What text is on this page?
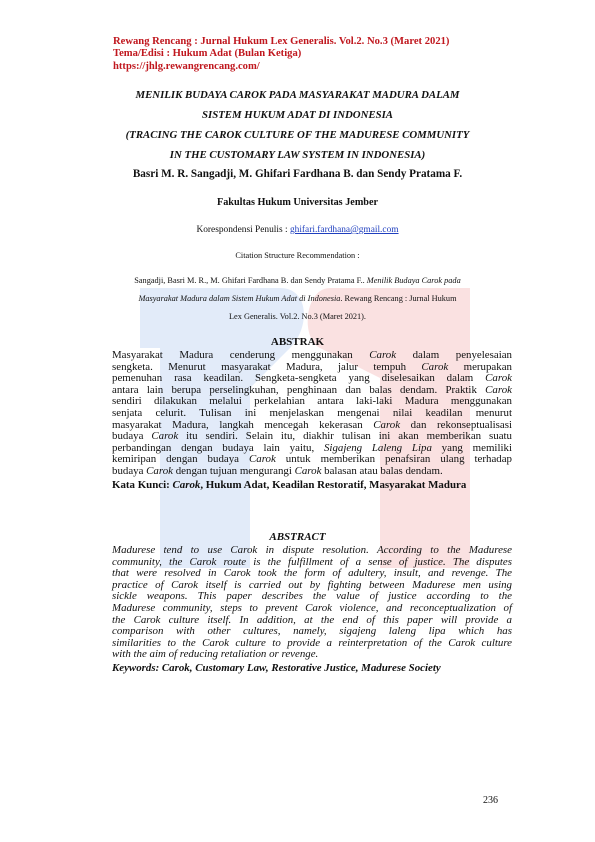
Rewang Rencang : Jurnal Hukum Lex Generalis. Vol.2. No.3 (Maret 2021)
Tema/Edisi : Hukum Adat (Bulan Ketiga)
https://jhlg.rewangrencang.com/
MENILIK BUDAYA CAROK PADA MASYARAKAT MADURA DALAM
SISTEM HUKUM ADAT DI INDONESIA
(TRACING THE CAROK CULTURE OF THE MADURESE COMMUNITY
IN THE CUSTOMARY LAW SYSTEM IN INDONESIA)
Basri M. R. Sangadji, M. Ghifari Fardhana B. dan Sendy Pratama F.
Fakultas Hukum Universitas Jember
Korespondensi Penulis : ghifari.fardhana@gmail.com
Citation Structure Recommendation :
Sangadji, Basri M. R., M. Ghifari Fardhana B. dan Sendy Pratama F.. Menilik Budaya Carok pada
Masyarakat Madura dalam Sistem Hukum Adat di Indonesia. Rewang Rencang : Jurnal Hukum
Lex Generalis. Vol.2. No.3 (Maret 2021).
ABSTRAK
Masyarakat Madura cenderung menggunakan Carok dalam penyelesaian
sengketa. Menurut masyarakat Madura, jalur tempuh Carok merupakan
pemenuhan rasa keadilan. Sengketa-sengketa yang diselesaikan dalam Carok
antara lain berupa perselingkuhan, penghinaan dan balas dendam. Praktik Carok
sendiri dilakukan melalui perkelahian antara laki-laki Madura menggunakan
senjata celurit. Tulisan ini menjelaskan mengenai nilai keadilan menurut
masyarakat Madura, langkah mencegah kekerasan Carok dan rekonseptualisasi
budaya Carok itu sendiri. Selain itu, diakhir tulisan ini akan memberikan suatu
perbandingan dengan budaya lain yaitu, Sigajeng Laleng Lipa yang memiliki
kemiripan dengan budaya Carok untuk memberikan penafsiran ulang terhadap
budaya Carok dengan tujuan mengurangi Carok balasan atau balas dendam.
Kata Kunci: Carok, Hukum Adat, Keadilan Restoratif, Masyarakat Madura
ABSTRACT
Madurese tend to use Carok in dispute resolution. According to the Madurese
community, the Carok route is the fulfillment of a sense of justice. The disputes
that were resolved in Carok took the form of adultery, insult, and revenge. The
practice of Carok itself is carried out by fighting between Madurese men using
sickle weapons. This paper describes the value of justice according to the
Madurese community, steps to prevent Carok violence, and reconceptualization of
the Carok culture itself. In addition, at the end of this paper will provide a
comparison with other cultures, namely, sigajeng laleng lipa which has
similarities to the Carok culture to provide a reinterpretation of the Carok culture
with the aim of reducing retaliation or revenge.
Keywords: Carok, Customary Law, Restorative Justice, Madurese Society
236
